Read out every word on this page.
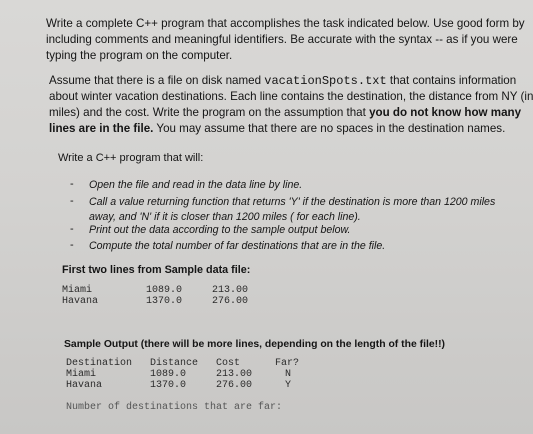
Write a complete C++ program that accomplishes the task indicated below. Use good form by
including comments and meaningful identifiers. Be accurate with the syntax -- as if you were
typing the program on the computer.
Assume that there is a file on disk named vacationSpots.txt that contains information
about winter vacation destinations. Each line contains the destination, the distance from NY (in
miles) and the cost. Write the program on the assumption that you do not know how many
lines are in the file. You may assume that there are no spaces in the destination names.
Write a C++ program that will:
- Open the file and read in the data line by line.
- Call a value returning function that returns 'Y' if the destination is more than 1200 miles
away, and 'N' if it is closer than 1200 miles ( for each line).
- Print out the data according to the sample output below.
- Compute the total number of far destinations that are in the file.
First two lines from Sample data file:
Miami	1089.0	213.00
Havana	1370.0	276.00
Sample Output (there will be more lines, depending on the length of the file!!)
Destination Distance Cost	Far?
Miami	1089.0	213.00	N
Havana	1370.0	276.00	Y
Number of destinations that are far:
